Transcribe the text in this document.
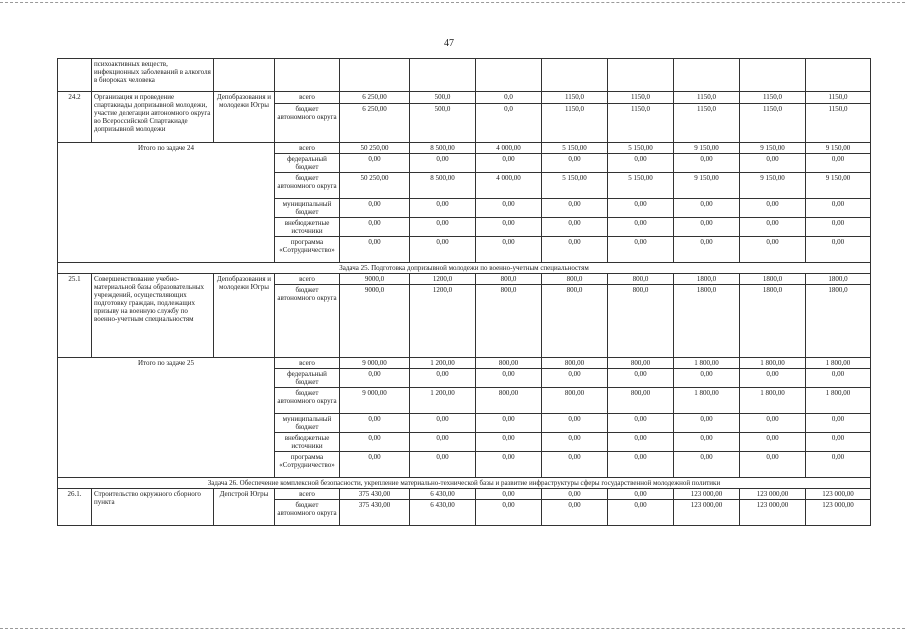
47
	психоактивных веществ, инфекционных заболеваний в алкоголя в биороках человека										
24.2	Организация и проведение спартакиады допризывной молодежи, участие делегации автономного округа во Всероссийской Спартакиаде допризывной молодежи	Депобразования и молодежи Югры	всего	6 250,00	500,0	0,0	1150,0	1150,0	1150,0	1150,0	1150,0
			бюджет автономного округа	6 250,00	500,0	0,0	1150,0	1150,0	1150,0	1150,0	1150,0
Итого по задаче 24			всего	50 250,00	8 500,00	4 000,00	5 150,00	5 150,00	9 150,00	9 150,00	9 150,00
			федеральный бюджет	0,00	0,00	0,00	0,00	0,00	0,00	0,00	0,00
			бюджет автономного округа	50 250,00	8 500,00	4 000,00	5 150,00	5 150,00	9 150,00	9 150,00	9 150,00
			муниципальный бюджет	0,00	0,00	0,00	0,00	0,00	0,00	0,00	0,00
			внебюджетные источники	0,00	0,00	0,00	0,00	0,00	0,00	0,00	0,00
			программа «Сотрудничество»	0,00	0,00	0,00	0,00	0,00	0,00	0,00	0,00
Задача 25. Подготовка допризывной молодежи по военно-учетным специальностям											
25.1	Совершенствование учебно-материальной базы образовательных учреждений, осуществляющих подготовку граждан, подлежащих призыву на военную службу по военно-учетным специальностям	Депобразования и молодежи Югры	всего	9000,0	1200,0	800,0	800,0	800,0	1800,0	1800,0	1800,0
			бюджет автономного округа	9000,0	1200,0	800,0	800,0	800,0	1800,0	1800,0	1800,0
Итого по задаче 25			всего	9 000,00	1 200,00	800,00	800,00	800,00	1 800,00	1 800,00	1 800,00
			федеральный бюджет	0,00	0,00	0,00	0,00	0,00	0,00	0,00	0,00
			бюджет автономного округа	9 000,00	1 200,00	800,00	800,00	800,00	1 800,00	1 800,00	1 800,00
			муниципальный бюджет	0,00	0,00	0,00	0,00	0,00	0,00	0,00	0,00
			внебюджетные источники	0,00	0,00	0,00	0,00	0,00	0,00	0,00	0,00
			программа «Сотрудничество»	0,00	0,00	0,00	0,00	0,00	0,00	0,00	0,00
Задача 26. Обеспечение комплексной безопасности, укрепление материально-технической базы и развитие инфраструктуры сферы государственной молодежной политики											
26.1.	Строительство окружного сборного пункта	Депстрой Югры	всего	375 430,00	6 430,00	0,00	0,00	0,00	123 000,00	123 000,00	123 000,00
			бюджет автономного округа	375 430,00	6 430,00	0,00	0,00	0,00	123 000,00	123 000,00	123 000,00
